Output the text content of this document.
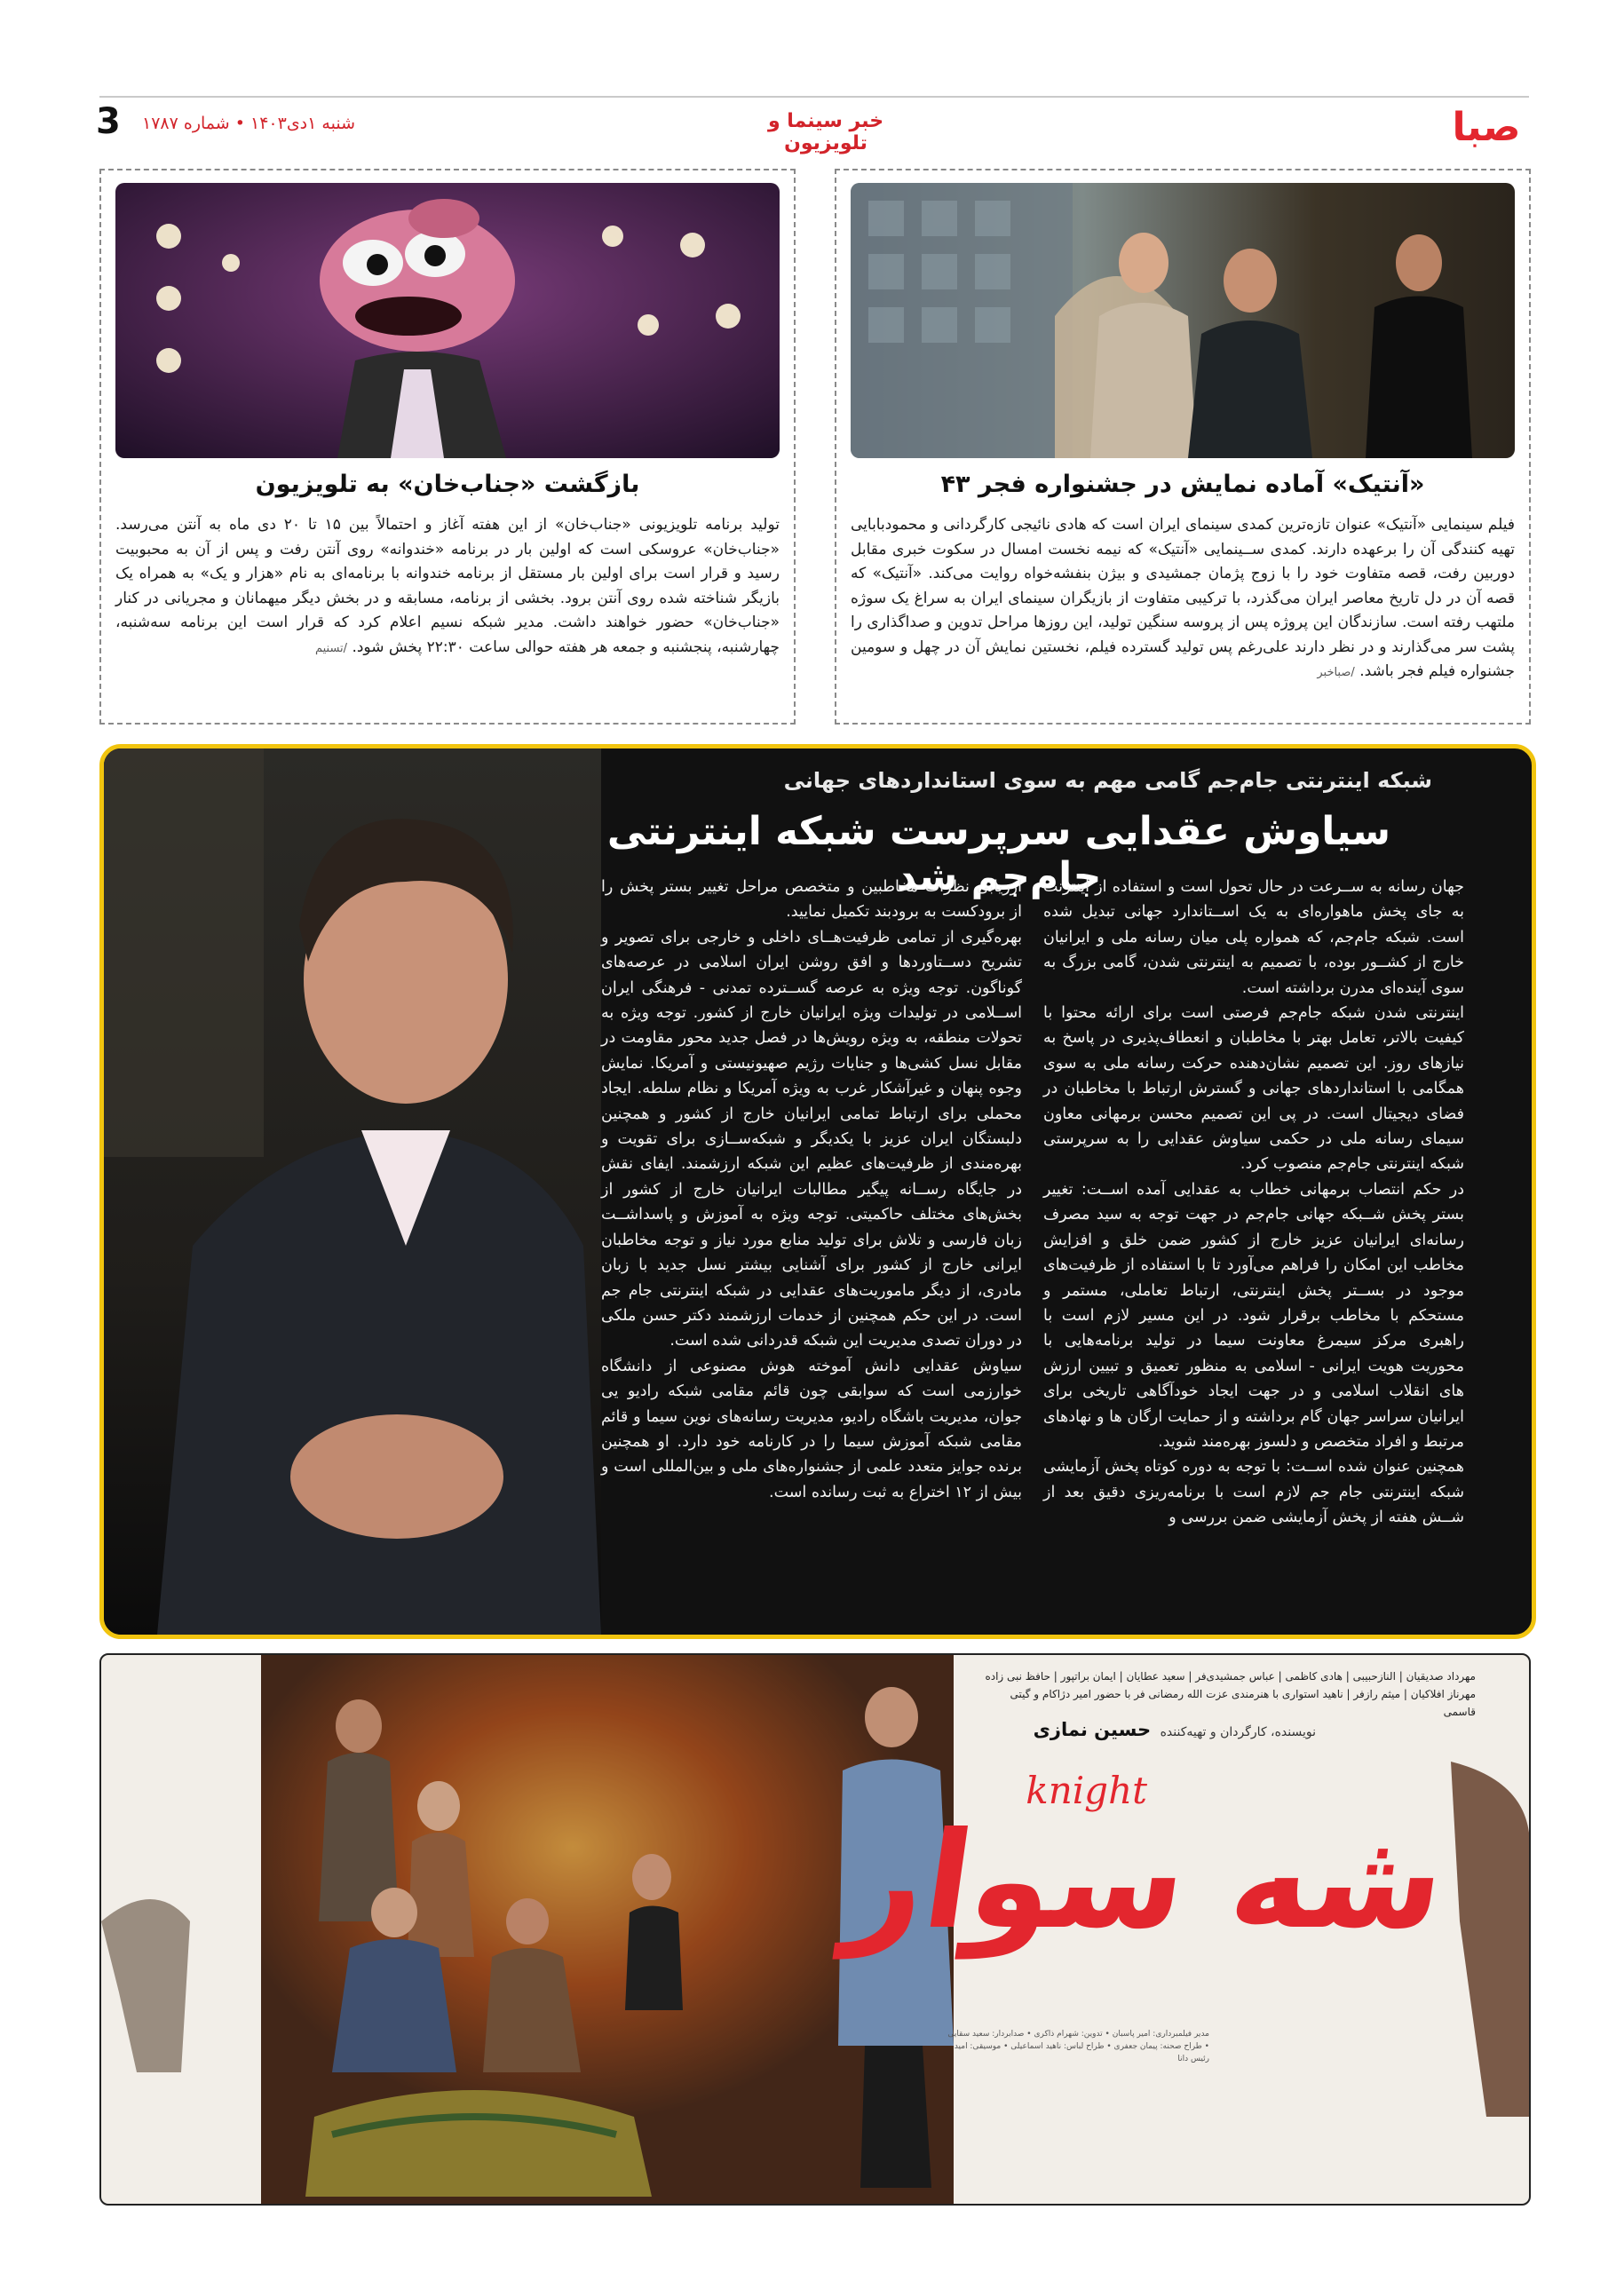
صبا
خبر سینما و تلویزیون
شنبه ۱دی۱۴۰۳ • شماره ۱۷۸۷
3
«آنتیک» آماده نمایش در جشنواره فجر ۴۳

فیلم سینمایی «آنتیک» عنوان تازه‌ترین کمدی سینمای ایران است که هادی نائیجی کارگردانی و محمودبابایی تهیه کنندگی آن را برعهده دارند. کمدی ســینمایی «آنتیک» که نیمه نخست امسال در سکوت خبری مقابل دوربین رفت، قصه متفاوت خود را با زوج پژمان جمشیدی و بیژن بنفشه‌خواه روایت می‌کند. «آنتیک» که قصه آن در دل تاریخ معاصر ایران می‌گذرد، با ترکیبی متفاوت از بازیگران سینمای ایران به سراغ یک سوژه ملتهب رفته است. سازندگان این پروژه پس از پروسه سنگین تولید، این روزها مراحل تدوین و صداگذاری را پشت سر می‌گذارند و در نظر دارند علی‌رغم پس تولید گسترده فیلم، نخستین نمایش آن در چهل و سومین جشنواره فیلم فجر باشد. /صباخبر

بازگشت «جناب‌خان» به تلویزیون

تولید برنامه تلویزیونی «جناب‌خان» از این هفته آغاز و احتمالاً بین ۱۵ تا ۲۰ دی ماه به آنتن می‌رسد. «جناب‌خان» عروسکی است که اولین بار در برنامه «خندوانه» روی آنتن رفت و پس از آن به محبوبیت رسید و قرار است برای اولین بار مستقل از برنامه خندوانه با برنامه‌ای به نام «هزار و یک» به همراه یک بازیگر شناخته شده روی آنتن برود. بخشی از برنامه، مسابقه و در بخش دیگر میهمانان و مجریانی در کنار «جناب‌خان» حضور خواهند داشت. مدیر شبکه نسیم اعلام کرد که قرار است این برنامه سه‌شنبه، چهارشنبه، پنجشنبه و جمعه هر هفته حوالی ساعت ۲۲:۳۰ پخش شود. /تسنیم

شبکه اینترنتی جام‌جم گامی مهم به سوی استانداردهای جهانی
سیاوش عقدایی سرپرست شبکه اینترنتی جام‌جم شد

جهان رسانه به ســرعت در حال تحول است و استفاده از اینترنت به جای پخش ماهواره‌ای به یک اســتاندارد جهانی تبدیل شده است. شبکه جام‌جم، که همواره پلی میان رسانه ملی و ایرانیان خارج از کشــور بوده، با تصمیم به اینترنتی شدن، گامی بزرگ به سوی آینده‌ای مدرن برداشته است.

اینترنتی شدن شبکه جام‌جم فرصتی است برای ارائه محتوا با کیفیت بالاتر، تعامل بهتر با مخاطبان و انعطاف‌پذیری در پاسخ به نیازهای روز. این تصمیم نشان‌دهنده حرکت رسانه ملی به سوی همگامی با استانداردهای جهانی و گسترش ارتباط با مخاطبان در فضای دیجیتال است. در پی این تصمیم محسن برمهانی معاون سیمای رسانه ملی در حکمی سیاوش عقدایی را به سرپرستی شبکه اینترنتی جام‌جم منصوب کرد.

در حکم انتصاب برمهانی خطاب به عقدایی آمده اســت: تغییر بستر پخش شــبکه جهانی جام‌جم در جهت توجه به سید مصرف رسانه‌ای ایرانیان عزیز خارج از کشور ضمن خلق و افزایش مخاطب این امکان را فراهم می‌آورد تا با استفاده از ظرفیت‌های موجود در بســتر پخش اینترنتی، ارتباط تعاملی، مستمر و مستحکم با مخاطب برقرار شود. در این مسیر لازم است با راهبری مرکز سیمرغ معاونت سیما در تولید برنامه‌هایی با محوریت هویت ایرانی - اسلامی به منظور تعمیق و تبیین ارزش های انقلاب اسلامی و در جهت ایجاد خودآگاهی تاریخی برای ایرانیان سراسر جهان گام برداشته و از حمایت ارگان ها و نهادهای مرتبط و افراد متخصص و دلسوز بهره‌مند شوید.

همچنین عنوان شده اســت: با توجه به دوره کوتاه پخش آزمایشی شبکه اینترنتی جام جم لازم است با برنامه‌ریزی دقیق بعد از شــش هفته از پخش آزمایشی ضمن بررسی و

ارزیابی نظرات مخاطبین و متخصص مراحل تغییر بستر پخش را از برودکست به برودبند تکمیل نمایید.

بهره‌گیری از تمامی ظرفیت‌هــای داخلی و خارجی برای تصویر و تشریح دســتاوردها و افق روشن ایران اسلامی در عرصه‌های گوناگون. توجه ویژه به عرصه گســترده تمدنی - فرهنگی ایران اســلامی در تولیدات ویژه ایرانیان خارج از کشور. توجه ویژه به تحولات منطقه، به ویژه رویش‌ها در فصل جدید محور مقاومت در مقابل نسل کشی‌ها و جنایات رژیم صهیونیستی و آمریکا. نمایش وجوه پنهان و غیرآشکار غرب به ویژه آمریکا و نظام سلطه. ایجاد محملی برای ارتباط تمامی ایرانیان خارج از کشور و همچنین دلبستگان ایران عزیز با یکدیگر و شبکه‌ســازی برای تقویت و بهره‌مندی از ظرفیت‌های عظیم این شبکه ارزشمند. ایفای نقش در جایگاه رســانه پیگیر مطالبات ایرانیان خارج از کشور از بخش‌های مختلف حاکمیتی. توجه ویژه به آموزش و پاسداشــت زبان فارسی و تلاش برای تولید منابع مورد نیاز و توجه مخاطبان ایرانی خارج از کشور برای آشنایی بیشتر نسل جدید با زبان مادری، از دیگر ماموریت‌های عقدایی در شبکه اینترنتی جام جم است. در این حکم همچنین از خدمات ارزشمند دکتر حسن ملکی در دوران تصدی مدیریت این شبکه قدردانی شده است.

سیاوش عقدایی دانش آموخته هوش مصنوعی از دانشگاه خوارزمی است که سوابقی چون قائم مقامی شبکه رادیو یی جوان، مدیریت باشگاه رادیو، مدیریت رسانه‌های نوین سیما و قائم مقامی شبکه آموزش سیما را در کارنامه خود دارد. او همچنین برنده جوایز متعدد علمی از جشنواره‌های ملی و بین‌المللی است و بیش از ۱۲ اختراع به ثبت رسانده است.

مهرداد صدیقیان | النازحبیبی | هادی کاظمی | عباس جمشیدی‌فر | سعید عطایان | ایمان براتپور | حافظ نبی زاده
مهرناز افلاکیان | میثم رازفر | ناهید استواری با هنرمندی عزت الله رمضانی فر با حضور امیر دژاکام و گیتی قاسمی
نویسنده، کارگردان و تهیه‌کننده حسین نمازی
knight
شه سوار
مدیر فیلمبرداری: امیر پاسبان • تدوین: شهرام ذاکری • صدابردار: سعید سقایی • طراح صحنه: پیمان جعفری • طراح لباس: ناهید اسماعیلی • موسیقی: امید رئیس دانا
